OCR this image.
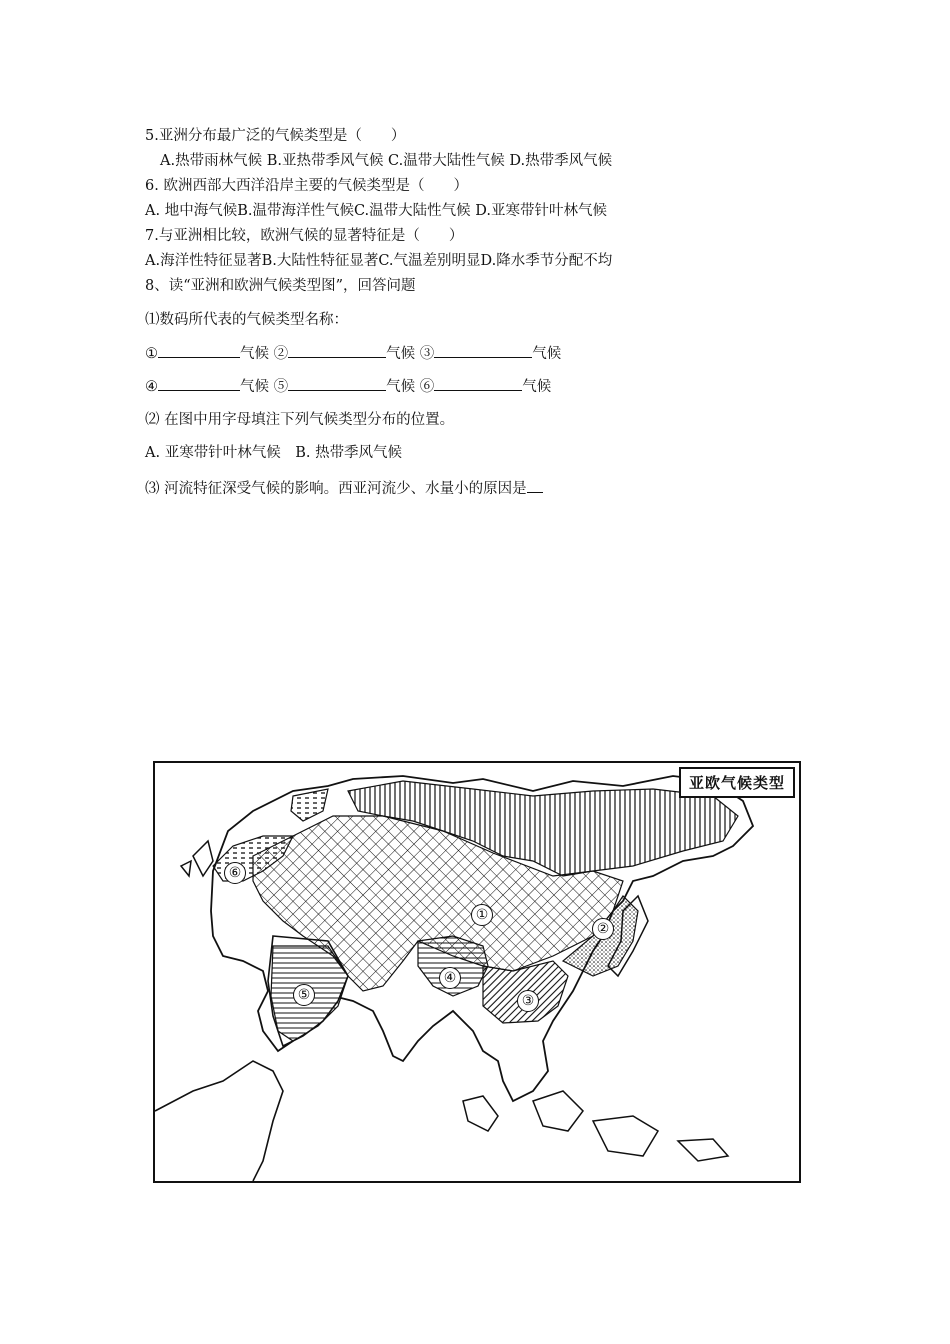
5.亚洲分布最广泛的气候类型是（　　）
A.热带雨林气候 B.亚热带季风气候 C.温带大陆性气候 D.热带季风气候
6. 欧洲西部大西洋沿岸主要的气候类型是（　　）
A. 地中海气候B.温带海洋性气候C.温带大陆性气候 D.亚寒带针叶林气候
7.与亚洲相比较，欧洲气候的显著特征是（　　）
A.海洋性特征显著B.大陆性特征显著C.气温差别明显D.降水季节分配不均
8、读“亚洲和欧洲气候类型图”，回答问题
⑴数码所代表的气候类型名称：
①	气候 ②	气候 ③	气候
④	气候 ⑤	气候 ⑥	气候
⑵ 在图中用字母填注下列气候类型分布的位置。
A. 亚寒带针叶林气候　B. 热带季风气候
⑶ 河流特征深受气候的影响。西亚河流少、水量小的原因是
亚欧气候类型
①
②
③
④
⑤
⑥
